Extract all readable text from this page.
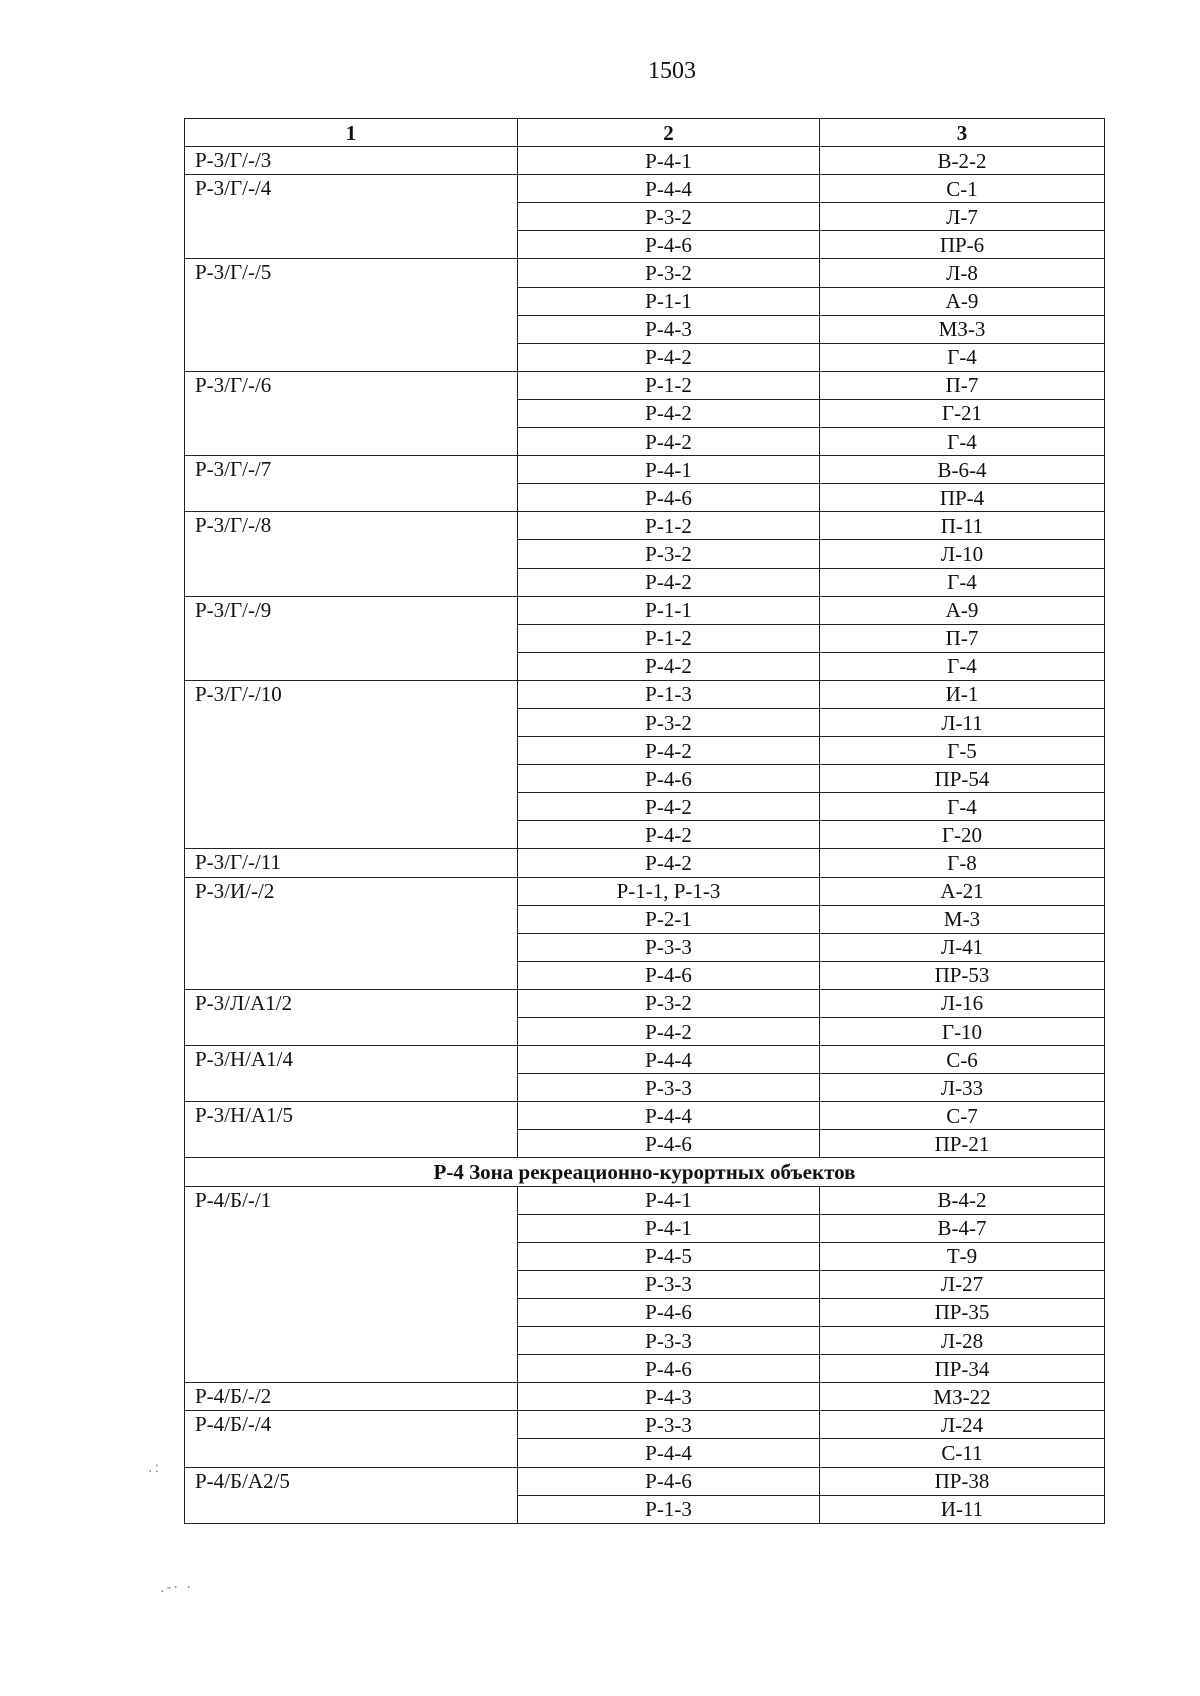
1503
1	2	3
Р-3/Г/-/3	Р-4-1	В-2-2
Р-3/Г/-/4	Р-4-4	С-1
	Р-3-2	Л-7
	Р-4-6	ПР-6
Р-3/Г/-/5	Р-3-2	Л-8
	Р-1-1	А-9
	Р-4-3	МЗ-3
	Р-4-2	Г-4
Р-3/Г/-/6	Р-1-2	П-7
	Р-4-2	Г-21
	Р-4-2	Г-4
Р-3/Г/-/7	Р-4-1	В-6-4
	Р-4-6	ПР-4
Р-3/Г/-/8	Р-1-2	П-11
	Р-3-2	Л-10
	Р-4-2	Г-4
Р-3/Г/-/9	Р-1-1	А-9
	Р-1-2	П-7
	Р-4-2	Г-4
Р-3/Г/-/10	Р-1-3	И-1
	Р-3-2	Л-11
	Р-4-2	Г-5
	Р-4-6	ПР-54
	Р-4-2	Г-4
	Р-4-2	Г-20
Р-3/Г/-/11	Р-4-2	Г-8
Р-3/И/-/2	Р-1-1, Р-1-3	А-21
	Р-2-1	М-3
	Р-3-3	Л-41
	Р-4-6	ПР-53
Р-3/Л/А1/2	Р-3-2	Л-16
	Р-4-2	Г-10
Р-3/Н/А1/4	Р-4-4	С-6
	Р-3-3	Л-33
Р-3/Н/А1/5	Р-4-4	С-7
	Р-4-6	ПР-21
Р-4 Зона рекреационно-курортных объектов		
Р-4/Б/-/1	Р-4-1	В-4-2
	Р-4-1	В-4-7
	Р-4-5	Т-9
	Р-3-3	Л-27
	Р-4-6	ПР-35
	Р-3-3	Л-28
	Р-4-6	ПР-34
Р-4/Б/-/2	Р-4-3	МЗ-22
Р-4/Б/-/4	Р-3-3	Л-24
	Р-4-4	С-11
Р-4/Б/А2/5	Р-4-6	ПР-38
	Р-1-3	И-11
.:
.-· ·
